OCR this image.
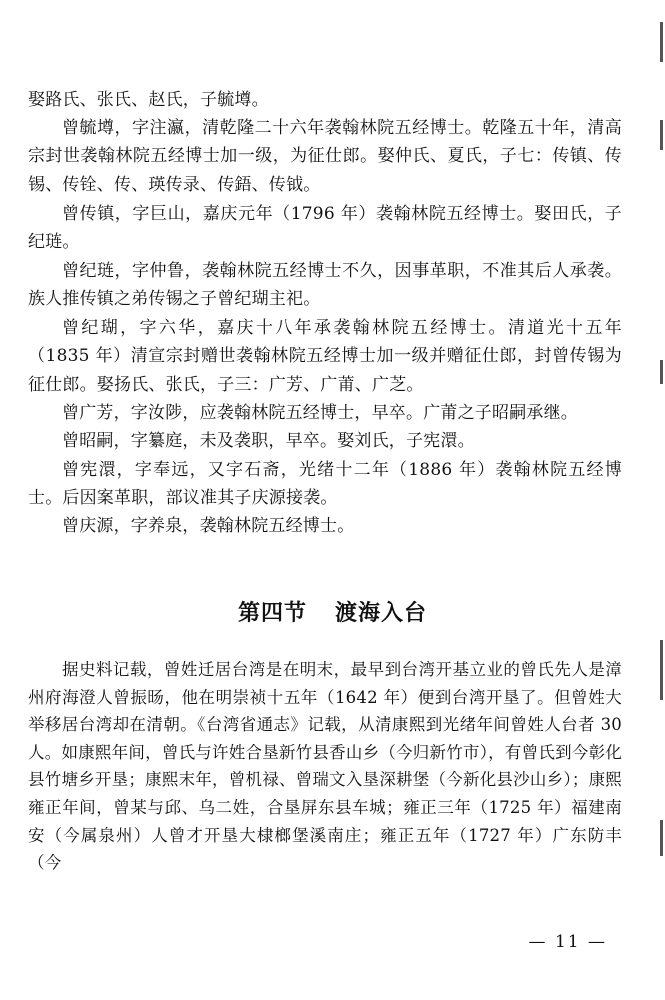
娶路氏、张氏、赵氏，子毓壿。

曾毓壿，字注瀛，清乾隆二十六年袭翰林院五经博士。乾隆五十年，清高宗封世袭翰林院五经博士加一级，为征仕郎。娶仲氏、夏氏，子七：传镇、传锡、传铨、传、瑛传录、传鋙、传钺。

曾传镇，字巨山，嘉庆元年（1796 年）袭翰林院五经博士。娶田氏，子纪琏。

曾纪琏，字仲鲁，袭翰林院五经博士不久，因事革职，不准其后人承袭。族人推传镇之弟传锡之子曾纪瑚主祀。

曾纪瑚，字六华，嘉庆十八年承袭翰林院五经博士。清道光十五年（1835 年）清宣宗封赠世袭翰林院五经博士加一级并赠征仕郎，封曾传锡为征仕郎。娶扬氏、张氏，子三：广芳、广莆、广芝。

曾广芳，字汝陟，应袭翰林院五经博士，早卒。广莆之子昭嗣承继。

曾昭嗣，字纂庭，未及袭职，早卒。娶刘氏，子宪澴。

曾宪澴，字奉远，又字石斋，光绪十二年（1886 年）袭翰林院五经博士。后因案革职，部议准其子庆源接袭。

曾庆源，字养泉，袭翰林院五经博士。

第四节 渡海入台

据史料记载，曾姓迁居台湾是在明末，最早到台湾开基立业的曾氏先人是漳州府海澄人曾振旸，他在明崇祯十五年（1642 年）便到台湾开垦了。但曾姓大举移居台湾却在清朝。《台湾省通志》记载，从清康熙到光绪年间曾姓人台者 30 人。如康熙年间，曾氏与许姓合垦新竹县香山乡（今归新竹市），有曾氏到今彰化县竹塘乡开垦；康熙末年，曾机禄、曾瑞文入垦深耕堡（今新化县沙山乡）；康熙雍正年间，曾某与邱、乌二姓，合垦屏东县车城；雍正三年（1725 年）福建南安（今属泉州）人曾才开垦大棣榔堡溪南庄；雍正五年（1727 年）广东防丰（今

— 11 —
